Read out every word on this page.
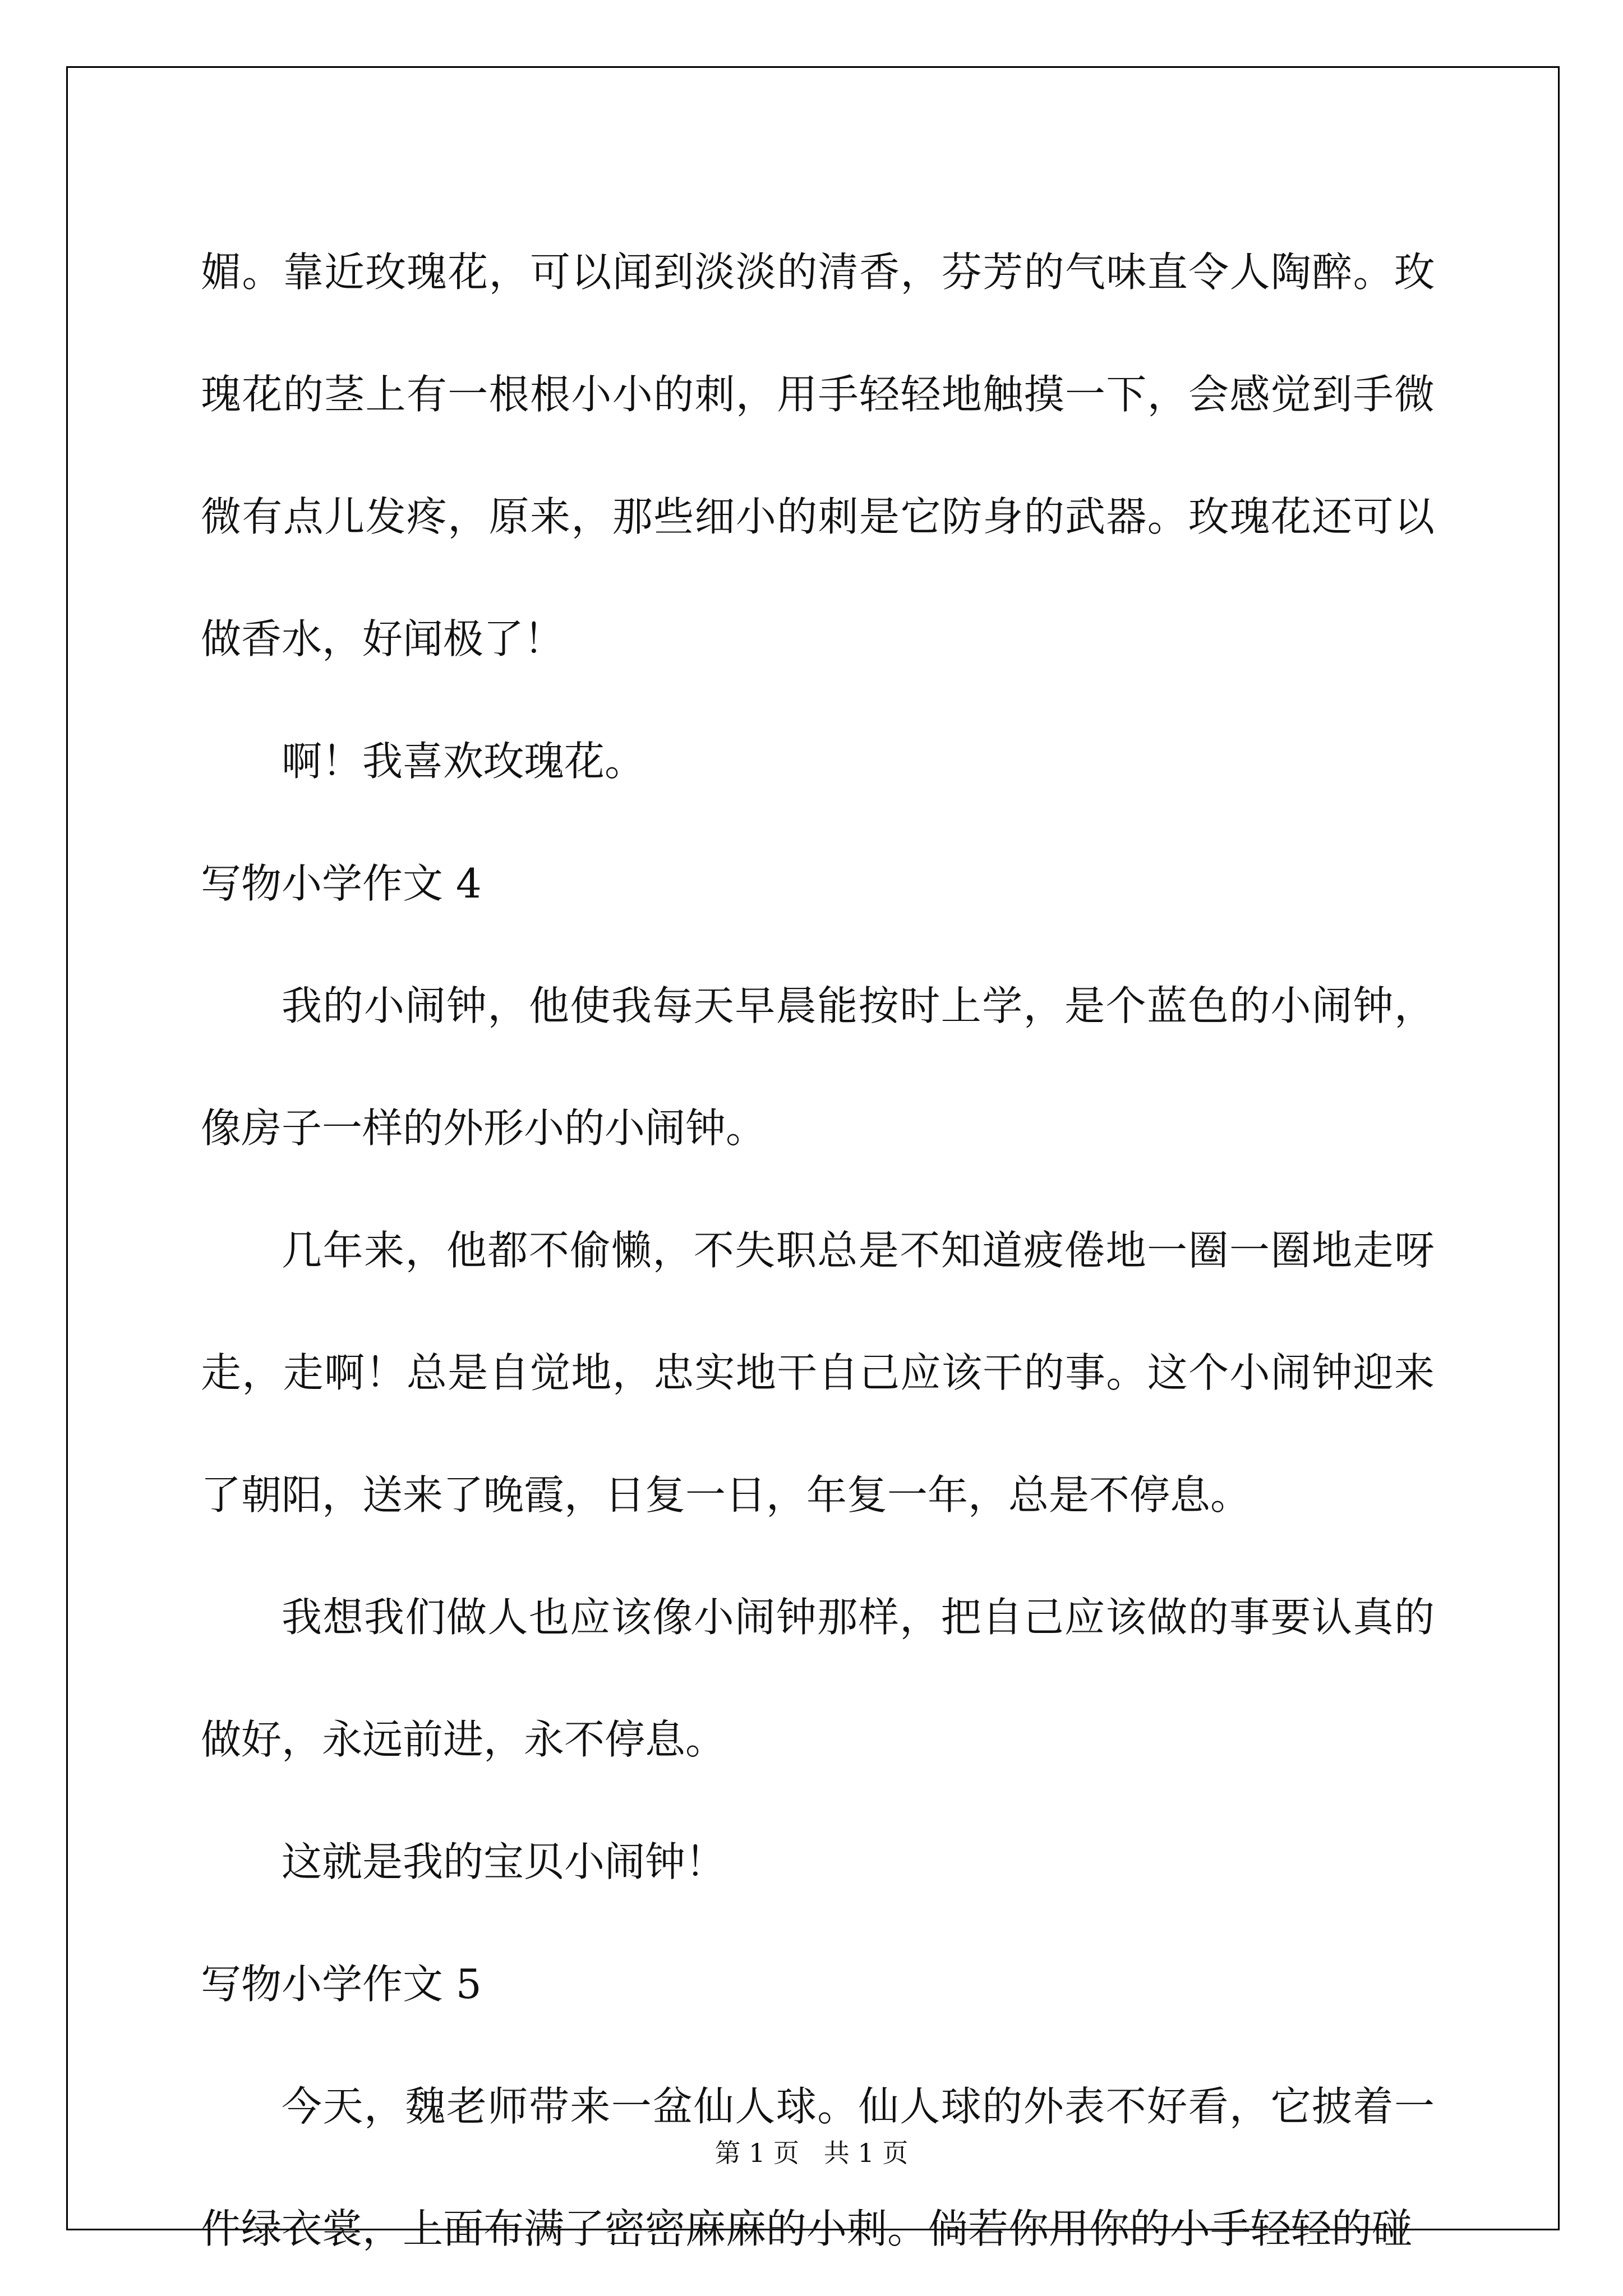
媚。靠近玫瑰花，可以闻到淡淡的清香，芬芳的气味直令人陶醉。玫瑰花的茎上有一根根小小的刺，用手轻轻地触摸一下，会感觉到手微微有点儿发疼，原来，那些细小的刺是它防身的武器。玫瑰花还可以做香水，好闻极了！

啊！我喜欢玫瑰花。

写物小学作文 4

我的小闹钟，他使我每天早晨能按时上学，是个蓝色的小闹钟，像房子一样的外形小的小闹钟。

几年来，他都不偷懒，不失职总是不知道疲倦地一圈一圈地走呀走，走啊！总是自觉地，忠实地干自己应该干的事。这个小闹钟迎来了朝阳，送来了晚霞，日复一日，年复一年，总是不停息。

我想我们做人也应该像小闹钟那样，把自己应该做的事要认真的做好，永远前进，永不停息。

这就是我的宝贝小闹钟！

写物小学作文 5

今天，魏老师带来一盆仙人球。仙人球的外表不好看，它披着一件绿衣裳，上面布满了密密麻麻的小刺。倘若你用你的小手轻轻的碰

第 1 页   共 1 页
